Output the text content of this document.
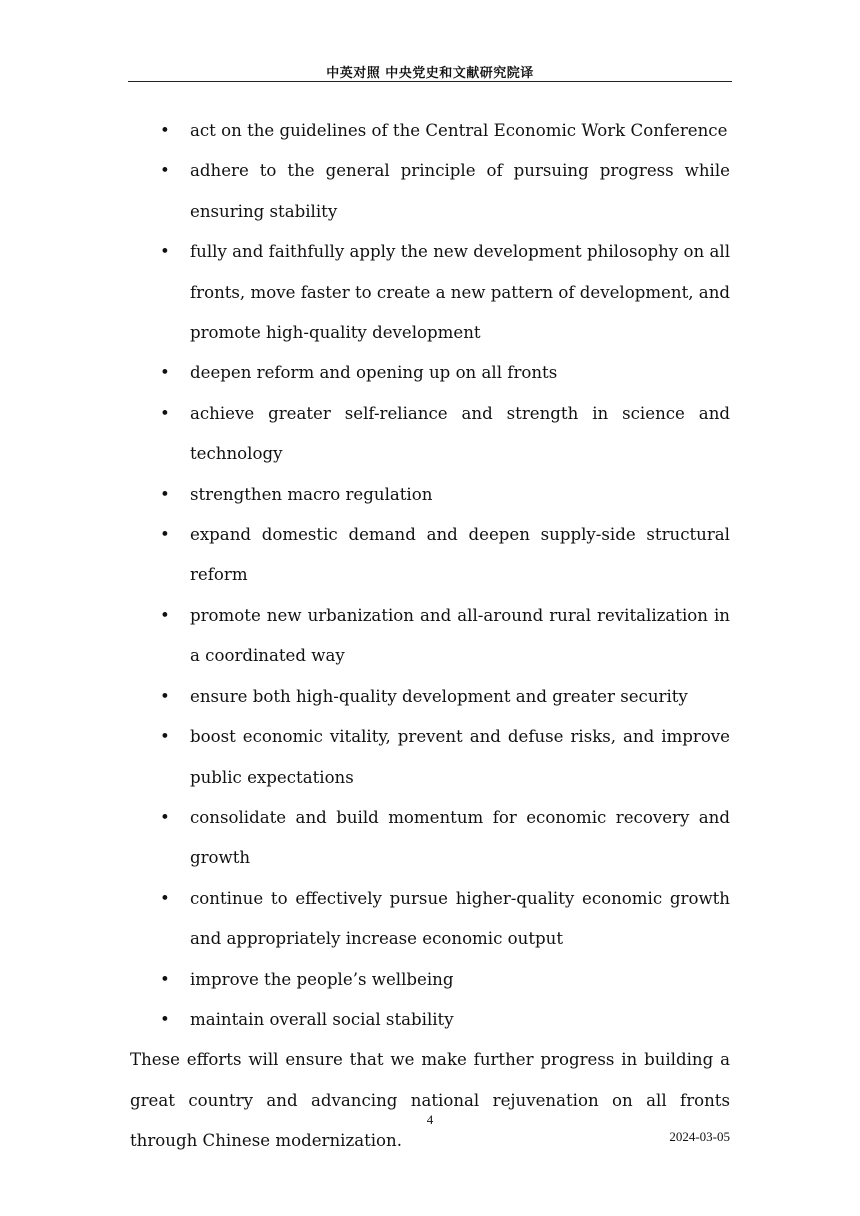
中英对照 中央党史和文献研究院译
• act on the guidelines of the Central Economic Work Conference
• adhere to the general principle of pursuing progress while ensuring stability
• fully and faithfully apply the new development philosophy on all fronts, move faster to create a new pattern of development, and promote high-quality development
• deepen reform and opening up on all fronts
• achieve greater self-reliance and strength in science and technology
• strengthen macro regulation
• expand domestic demand and deepen supply-side structural reform
• promote new urbanization and all-around rural revitalization in a coordinated way
• ensure both high-quality development and greater security
• boost economic vitality, prevent and defuse risks, and improve public expectations
• consolidate and build momentum for economic recovery and growth
• continue to effectively pursue higher-quality economic growth and appropriately increase economic output
• improve the people’s wellbeing
• maintain overall social stability

These efforts will ensure that we make further progress in building a great country and advancing national rejuvenation on all fronts through Chinese modernization.

4
2024-03-05
